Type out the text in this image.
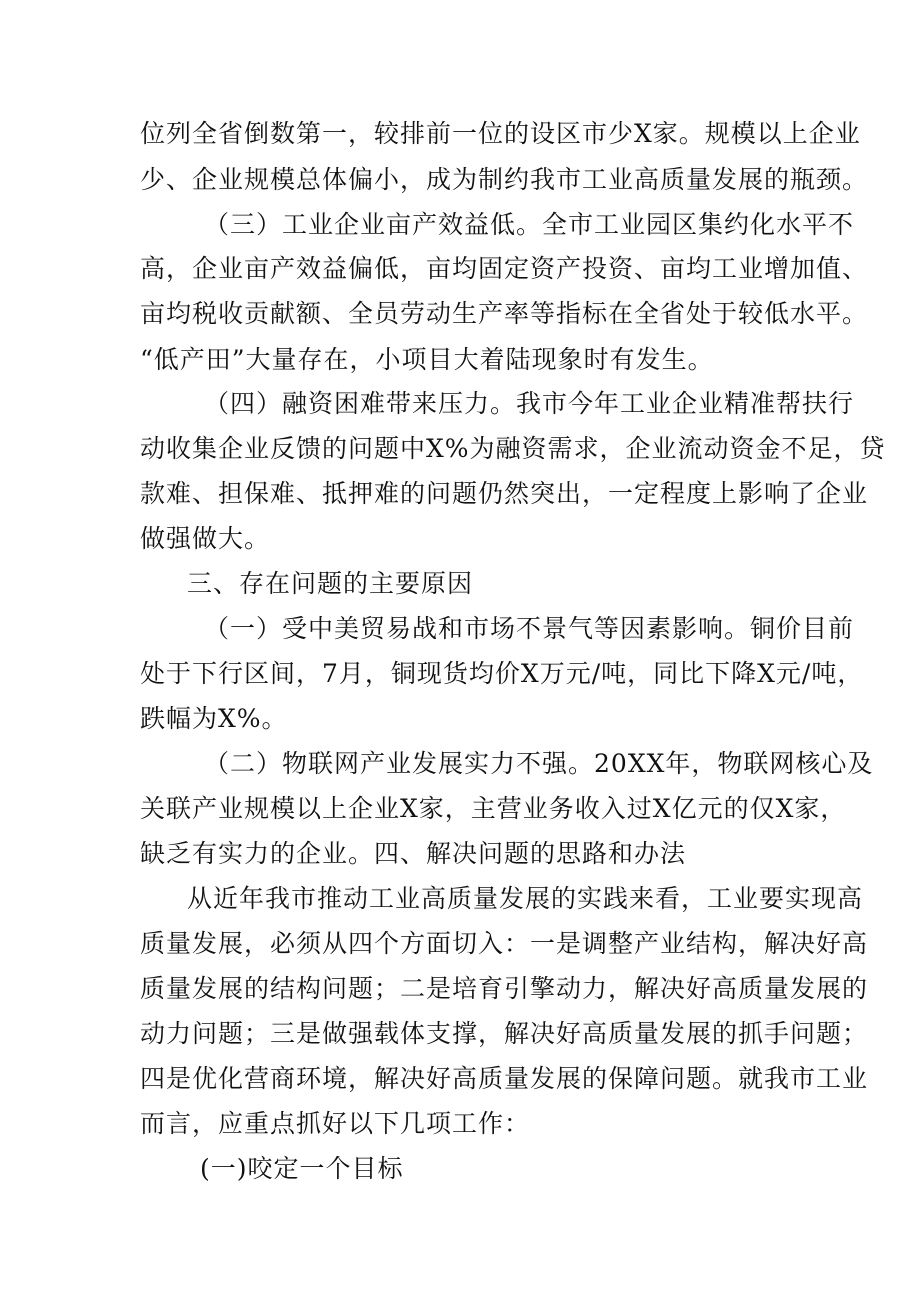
位列全省倒数第一，较排前一位的设区市少X家。规模以上企业
少、企业规模总体偏小，成为制约我市工业高质量发展的瓶颈。
（三）工业企业亩产效益低。全市工业园区集约化水平不
高，企业亩产效益偏低，亩均固定资产投资、亩均工业增加值、
亩均税收贡献额、全员劳动生产率等指标在全省处于较低水平。
“低产田”大量存在，小项目大着陆现象时有发生。
（四）融资困难带来压力。我市今年工业企业精准帮扶行
动收集企业反馈的问题中X%为融资需求，企业流动资金不足，贷
款难、担保难、抵押难的问题仍然突出，一定程度上影响了企业
做强做大。
三、存在问题的主要原因
（一）受中美贸易战和市场不景气等因素影响。铜价目前
处于下行区间，7月，铜现货均价X万元/吨，同比下降X元/吨，
跌幅为X%。
（二）物联网产业发展实力不强。20XX年，物联网核心及
关联产业规模以上企业X家，主营业务收入过X亿元的仅X家，
缺乏有实力的企业。四、解决问题的思路和办法
从近年我市推动工业高质量发展的实践来看，工业要实现高
质量发展，必须从四个方面切入：一是调整产业结构，解决好高
质量发展的结构问题；二是培育引擎动力，解决好高质量发展的
动力问题；三是做强载体支撑，解决好高质量发展的抓手问题；
四是优化营商环境，解决好高质量发展的保障问题。就我市工业
而言，应重点抓好以下几项工作：
(一)咬定一个目标
